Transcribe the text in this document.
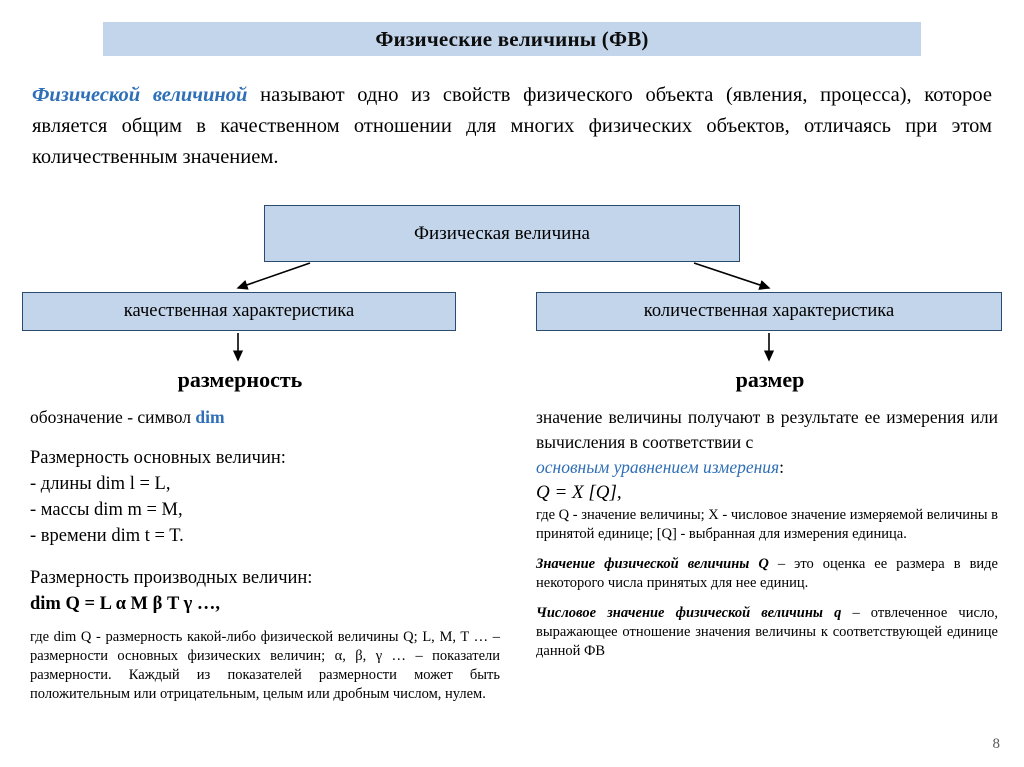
Физические величины (ФВ)
Физической величиной называют одно из свойств физического объекта (явления, процесса), которое является общим в качественном отношении для многих физических объектов, отличаясь при этом количественным значением.
Физическая величина
качественная характеристика	количественная характеристика
размерность	размер

обозначение - символ dim

Размерность основных величин:

- длины dim l = L,

- массы dim m = M,

- времени dim t = T.

Размерность производных величин:

dim Q = L α M β T γ …,

где dim Q - размерность какой-либо физической величины Q; L, M, T … – размерности основных физических величин; α, β, γ … – показатели размерности. Каждый из показателей размерности может быть положительным или отрицательным, целым или дробным числом, нулем.

значение величины получают в результате ее измерения или вычисления в соответствии с

основным уравнением измерения:

Q = X [Q],

где Q - значение величины; X - числовое значение измеряемой величины в принятой единице; [Q] - выбранная для измерения единица.

Значение физической величины Q – это оценка ее размера в виде некоторого числа принятых для нее единиц.

Числовое значение физической величины q – отвлеченное число, выражающее отношение значения величины к соответствующей единице данной ФВ

8
